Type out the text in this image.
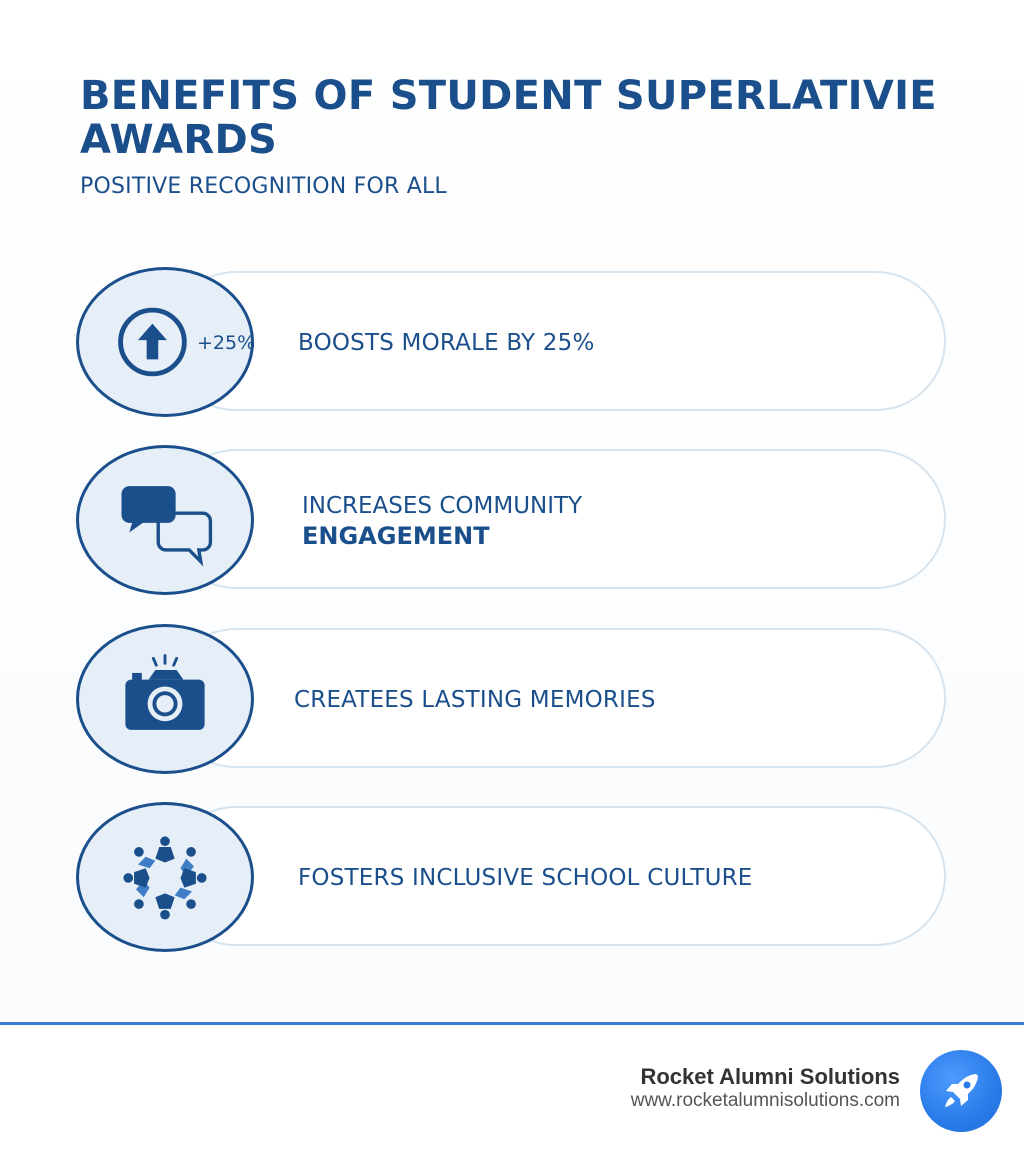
BENEFITS OF STUDENT SUPERLATIVIE AWARDS

POSITIVE RECOGNITION FOR ALL

+25% BOOSTS MORALE BY 25%
INCREASES COMMUNITY
ENGAGEMENT
CREATEES LASTING MEMORIES
FOSTERS INCLUSIVE SCHOOL CULTURE
Rocket Alumni Solutions
www.rocketalumnisolutions.com
